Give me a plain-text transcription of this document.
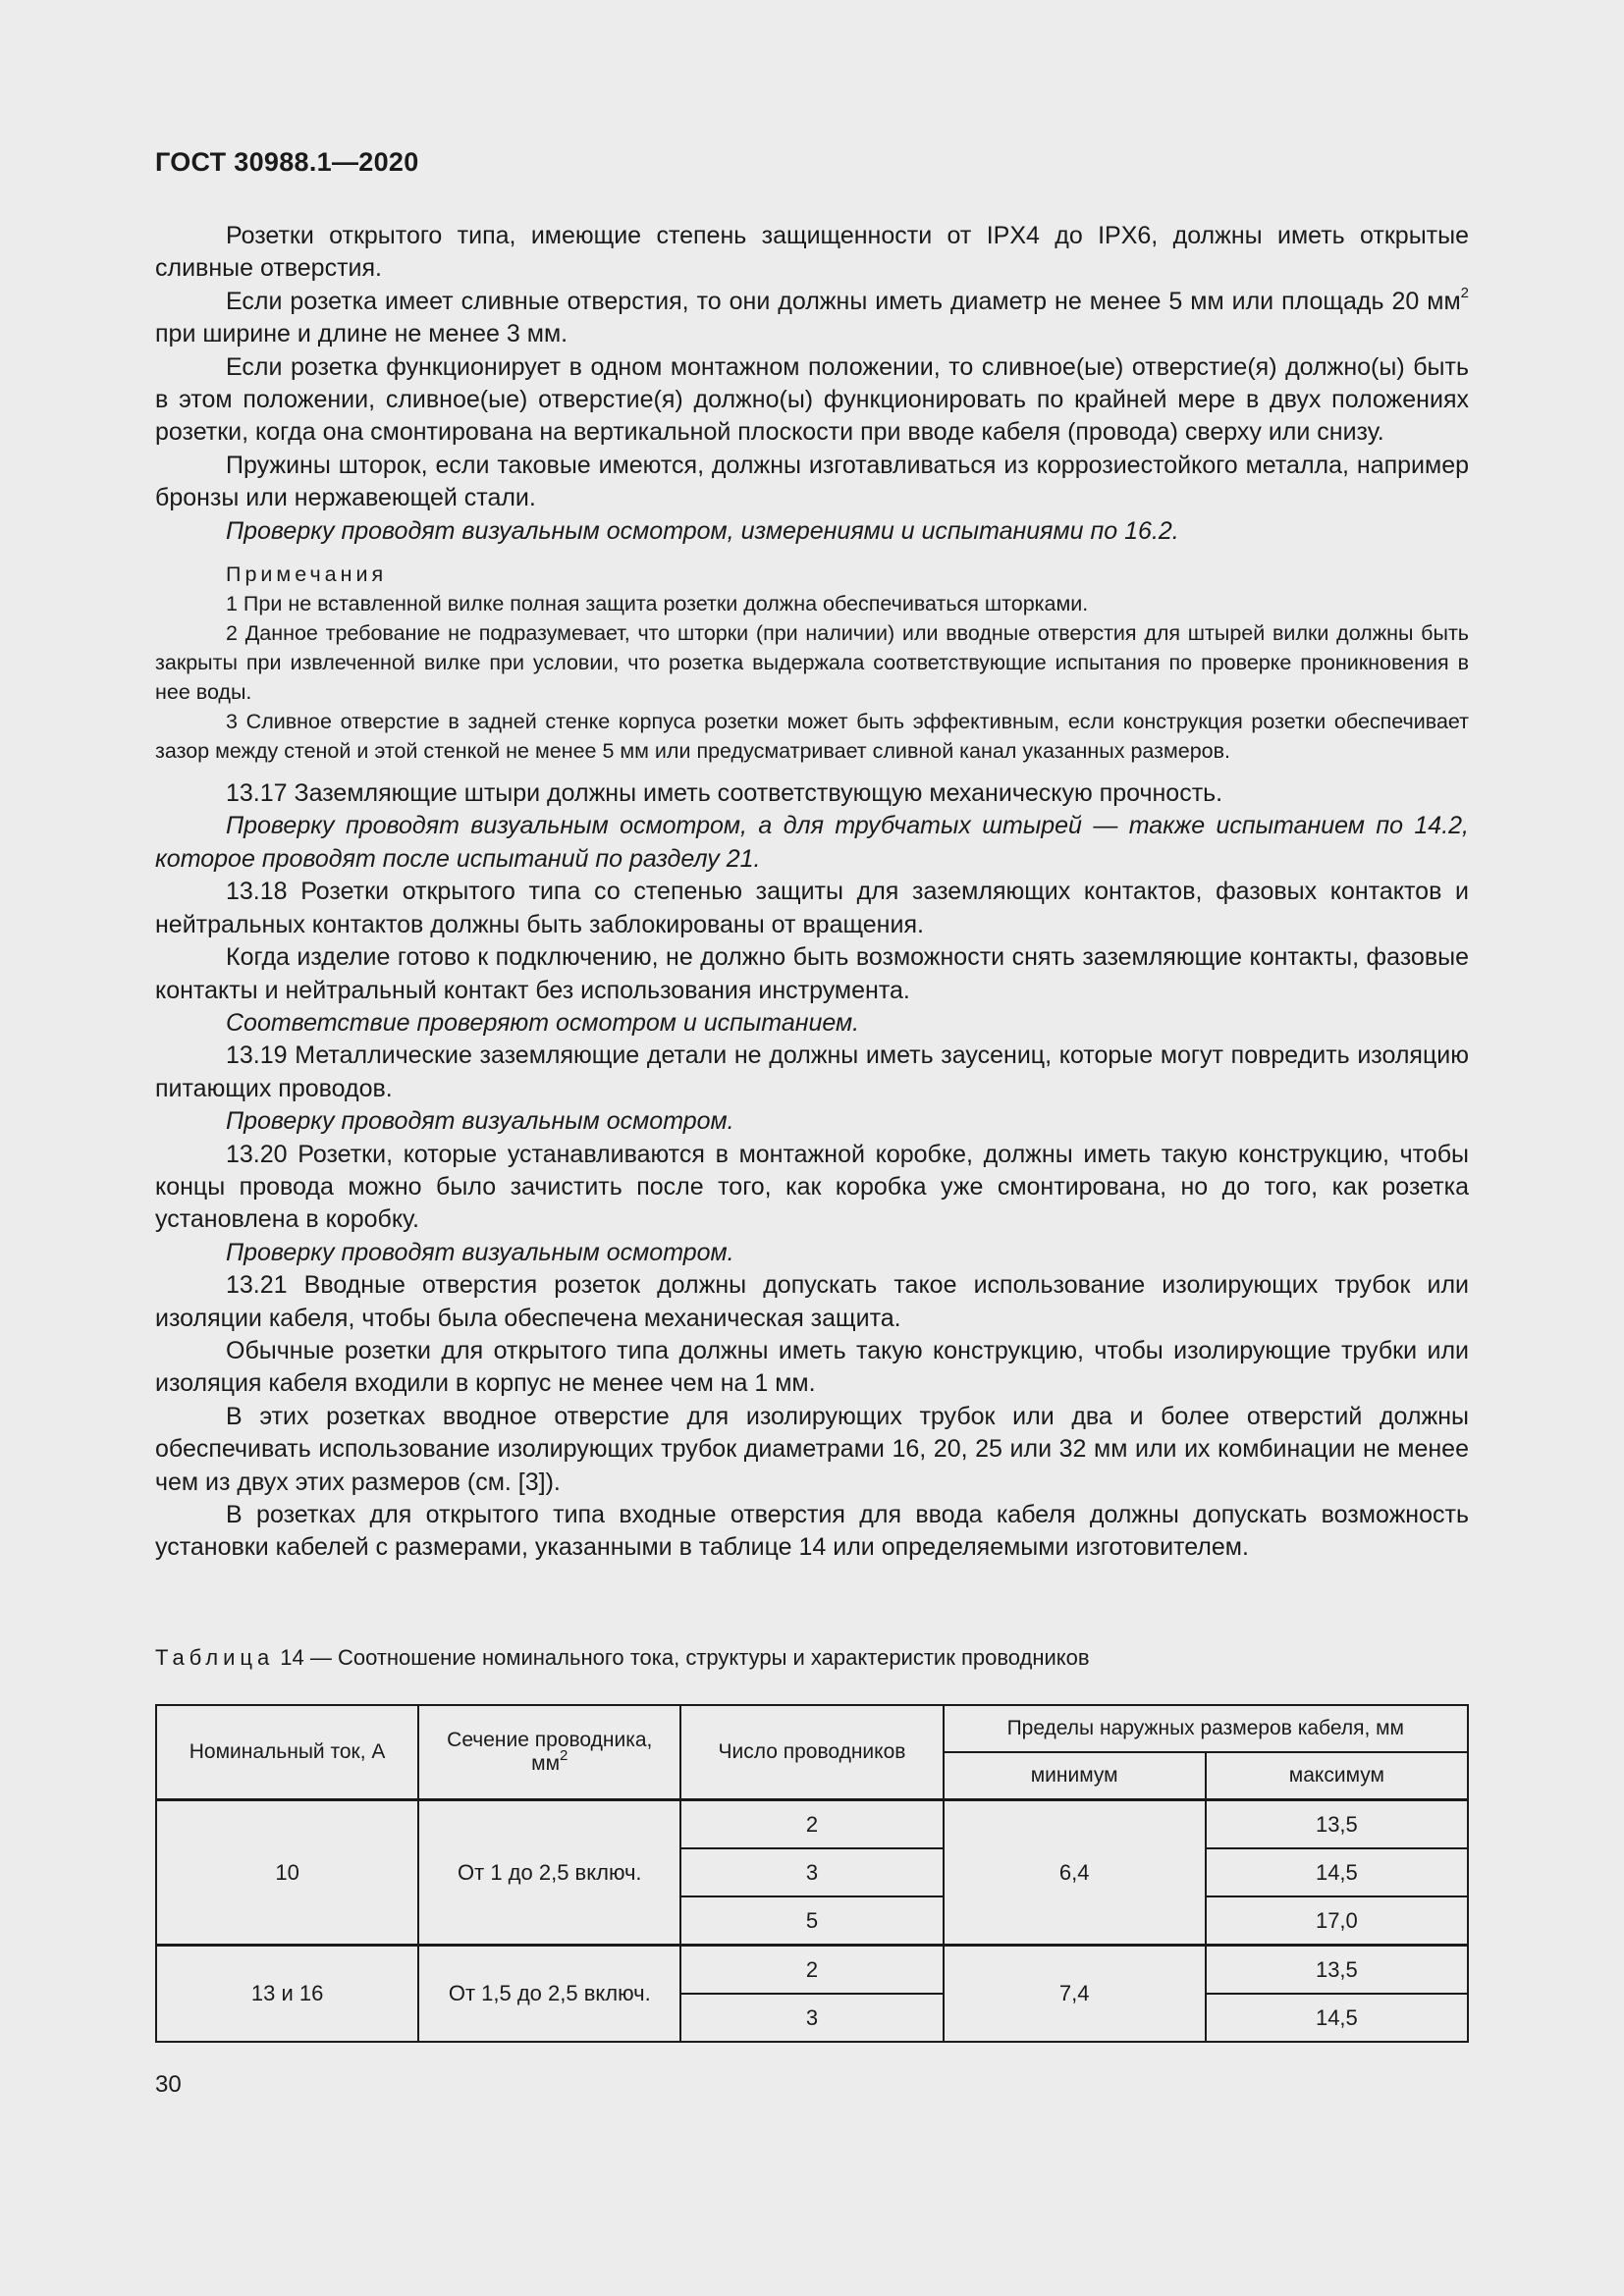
ГОСТ 30988.1—2020

Розетки открытого типа, имеющие степень защищенности от IPX4 до IPX6, должны иметь открытые сливные отверстия.

Если розетка имеет сливные отверстия, то они должны иметь диаметр не менее 5 мм или площадь 20 $мм^2$ при ширине и длине не менее 3 мм.

Если розетка функционирует в одном монтажном положении, то сливное(ые) отверстие(я) должно(ы) быть в этом положении, сливное(ые) отверстие(я) должно(ы) функционировать по крайней мере в двух положениях розетки, когда она смонтирована на вертикальной плоскости при вводе кабеля (провода) сверху или снизу.

Пружины шторок, если таковые имеются, должны изготавливаться из коррозиестойкого металла, например бронзы или нержавеющей стали.

Проверку проводят визуальным осмотром, измерениями и испытаниями по 16.2.

Примечания

1 При не вставленной вилке полная защита розетки должна обеспечиваться шторками.

2 Данное требование не подразумевает, что шторки (при наличии) или вводные отверстия для штырей вилки должны быть закрыты при извлеченной вилке при условии, что розетка выдержала соответствующие испытания по проверке проникновения в нее воды.

3 Сливное отверстие в задней стенке корпуса розетки может быть эффективным, если конструкция розетки обеспечивает зазор между стеной и этой стенкой не менее 5 мм или предусматривает сливной канал указанных размеров.

13.17 Заземляющие штыри должны иметь соответствующую механическую прочность.

Проверку проводят визуальным осмотром, а для трубчатых штырей — также испытанием по 14.2, которое проводят после испытаний по разделу 21.

13.18 Розетки открытого типа со степенью защиты для заземляющих контактов, фазовых контактов и нейтральных контактов должны быть заблокированы от вращения.

Когда изделие готово к подключению, не должно быть возможности снять заземляющие контакты, фазовые контакты и нейтральный контакт без использования инструмента.

Соответствие проверяют осмотром и испытанием.

13.19 Металлические заземляющие детали не должны иметь заусениц, которые могут повредить изоляцию питающих проводов.

Проверку проводят визуальным осмотром.

13.20 Розетки, которые устанавливаются в монтажной коробке, должны иметь такую конструкцию, чтобы концы провода можно было зачистить после того, как коробка уже смонтирована, но до того, как розетка установлена в коробку.

Проверку проводят визуальным осмотром.

13.21 Вводные отверстия розеток должны допускать такое использование изолирующих трубок или изоляции кабеля, чтобы была обеспечена механическая защита.

Обычные розетки для открытого типа должны иметь такую конструкцию, чтобы изолирующие трубки или изоляция кабеля входили в корпус не менее чем на 1 мм.

В этих розетках вводное отверстие для изолирующих трубок или два и более отверстий должны обеспечивать использование изолирующих трубок диаметрами 16, 20, 25 или 32 мм или их комбинации не менее чем из двух этих размеров (см. [3]).

В розетках для открытого типа входные отверстия для ввода кабеля должны допускать возможность установки кабелей с размерами, указанными в таблице 14 или определяемыми изготовителем.

Таблица 14 — Соотношение номинального тока, структуры и характеристик проводников
Номинальный ток, А	Сечение проводника, $мм^2$	Число проводников	Пределы наружных размеров кабеля, мм	
			минимум	максимум
10	От 1 до 2,5 включ.	2	6,4	13,5
		3		14,5
		5		17,0
13 и 16	От 1,5 до 2,5 включ.	2	7,4	13,5
		3		14,5
30
